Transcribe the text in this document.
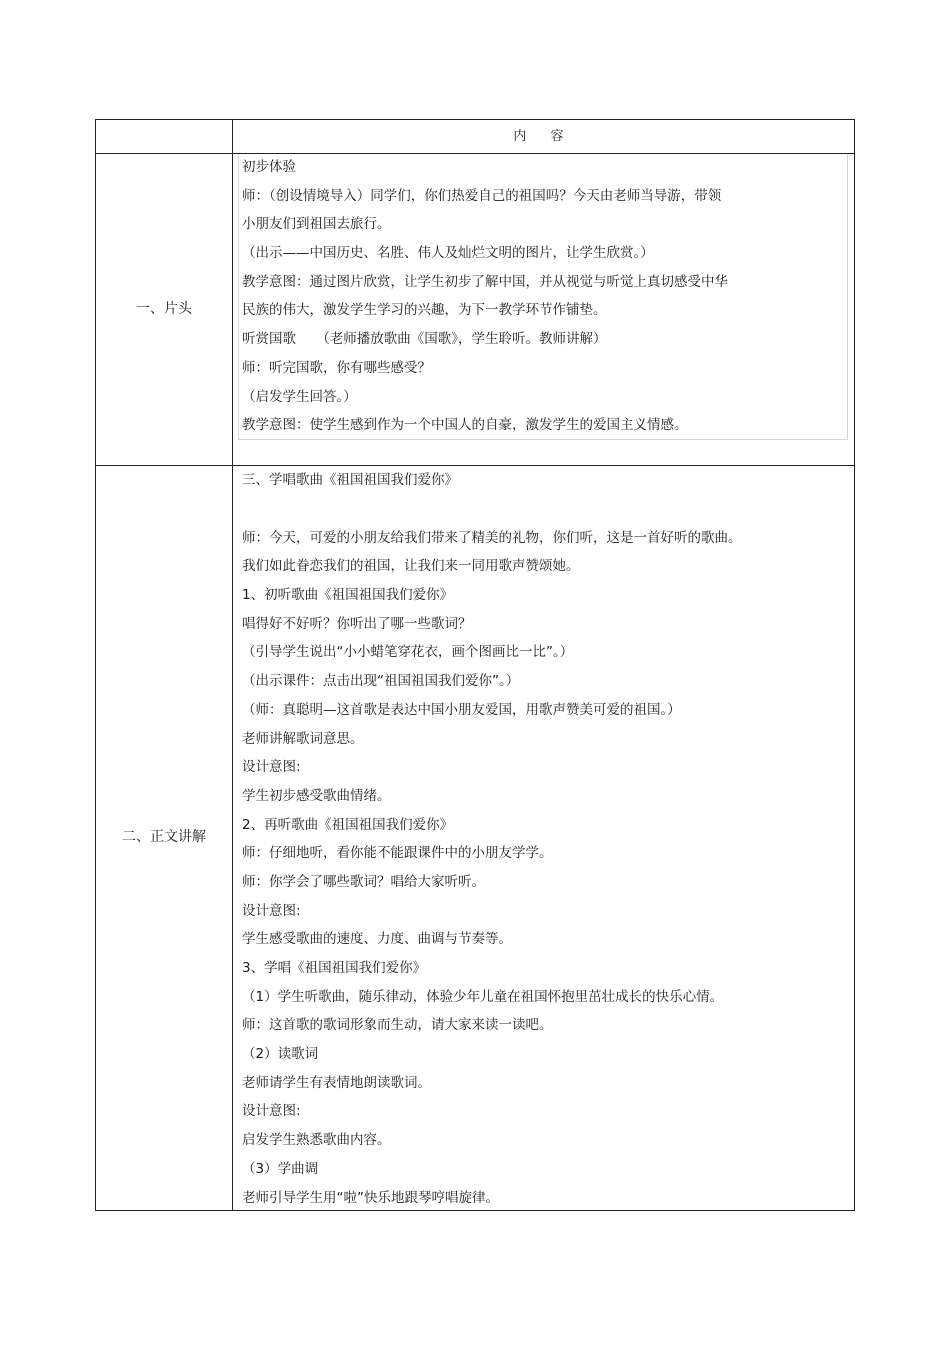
内 容
一、片头
初步体验
师：（创设情境导入）同学们，你们热爱自己的祖国吗？今天由老师当导游，带领
小朋友们到祖国去旅行。
（出示——中国历史、名胜、伟人及灿烂文明的图片，让学生欣赏。）
教学意图：通过图片欣赏，让学生初步了解中国，并从视觉与听觉上真切感受中华
民族的伟大，激发学生学习的兴趣，为下一教学环节作铺垫。
听赏国歌　　（老师播放歌曲《国歌》，学生聆听。教师讲解）
师：听完国歌，你有哪些感受？
（启发学生回答。）
教学意图：使学生感到作为一个中国人的自豪，激发学生的爱国主义情感。
二、正文讲解
三、学唱歌曲《祖国祖国我们爱你》
师：今天，可爱的小朋友给我们带来了精美的礼物，你们听，这是一首好听的歌曲。
我们如此眷恋我们的祖国，让我们来一同用歌声赞颂她。
1、初听歌曲《祖国祖国我们爱你》
唱得好不好听？你听出了哪一些歌词？
（引导学生说出“小小蜡笔穿花衣，画个图画比一比”。）
（出示课件：点击出现“祖国祖国我们爱你”。）
（师：真聪明—这首歌是表达中国小朋友爱国，用歌声赞美可爱的祖国。）
老师讲解歌词意思。
设计意图:
学生初步感受歌曲情绪。
2、再听歌曲《祖国祖国我们爱你》
师：仔细地听，看你能不能跟课件中的小朋友学学。
师：你学会了哪些歌词？唱给大家听听。
设计意图:
学生感受歌曲的速度、力度、曲调与节奏等。
3、学唱《祖国祖国我们爱你》
（1）学生听歌曲，随乐律动，体验少年儿童在祖国怀抱里茁壮成长的快乐心情。
师：这首歌的歌词形象而生动，请大家来读一读吧。
（2）读歌词
老师请学生有表情地朗读歌词。
设计意图:
启发学生熟悉歌曲内容。
（3）学曲调
老师引导学生用“啦”快乐地跟琴哼唱旋律。
